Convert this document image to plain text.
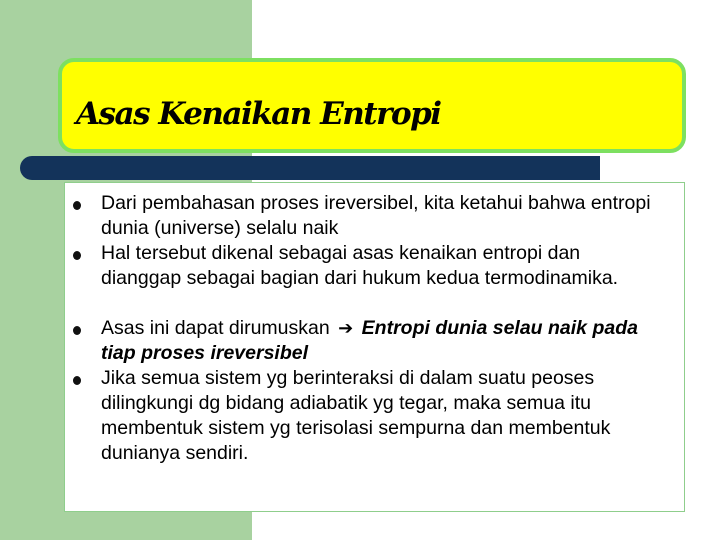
Asas Kenaikan Entropi
Dari pembahasan proses ireversibel, kita ketahui bahwa entropi dunia (universe) selalu naik
Hal tersebut dikenal sebagai asas kenaikan entropi dan dianggap sebagai bagian dari hukum kedua termodinamika.
Asas ini dapat dirumuskan ➔ Entropi dunia selau naik pada tiap proses ireversibel
Jika semua sistem yg berinteraksi di dalam suatu peoses dilingkungi dg bidang adiabatik yg tegar, maka semua itu membentuk sistem yg terisolasi sempurna dan membentuk dunianya sendiri.
